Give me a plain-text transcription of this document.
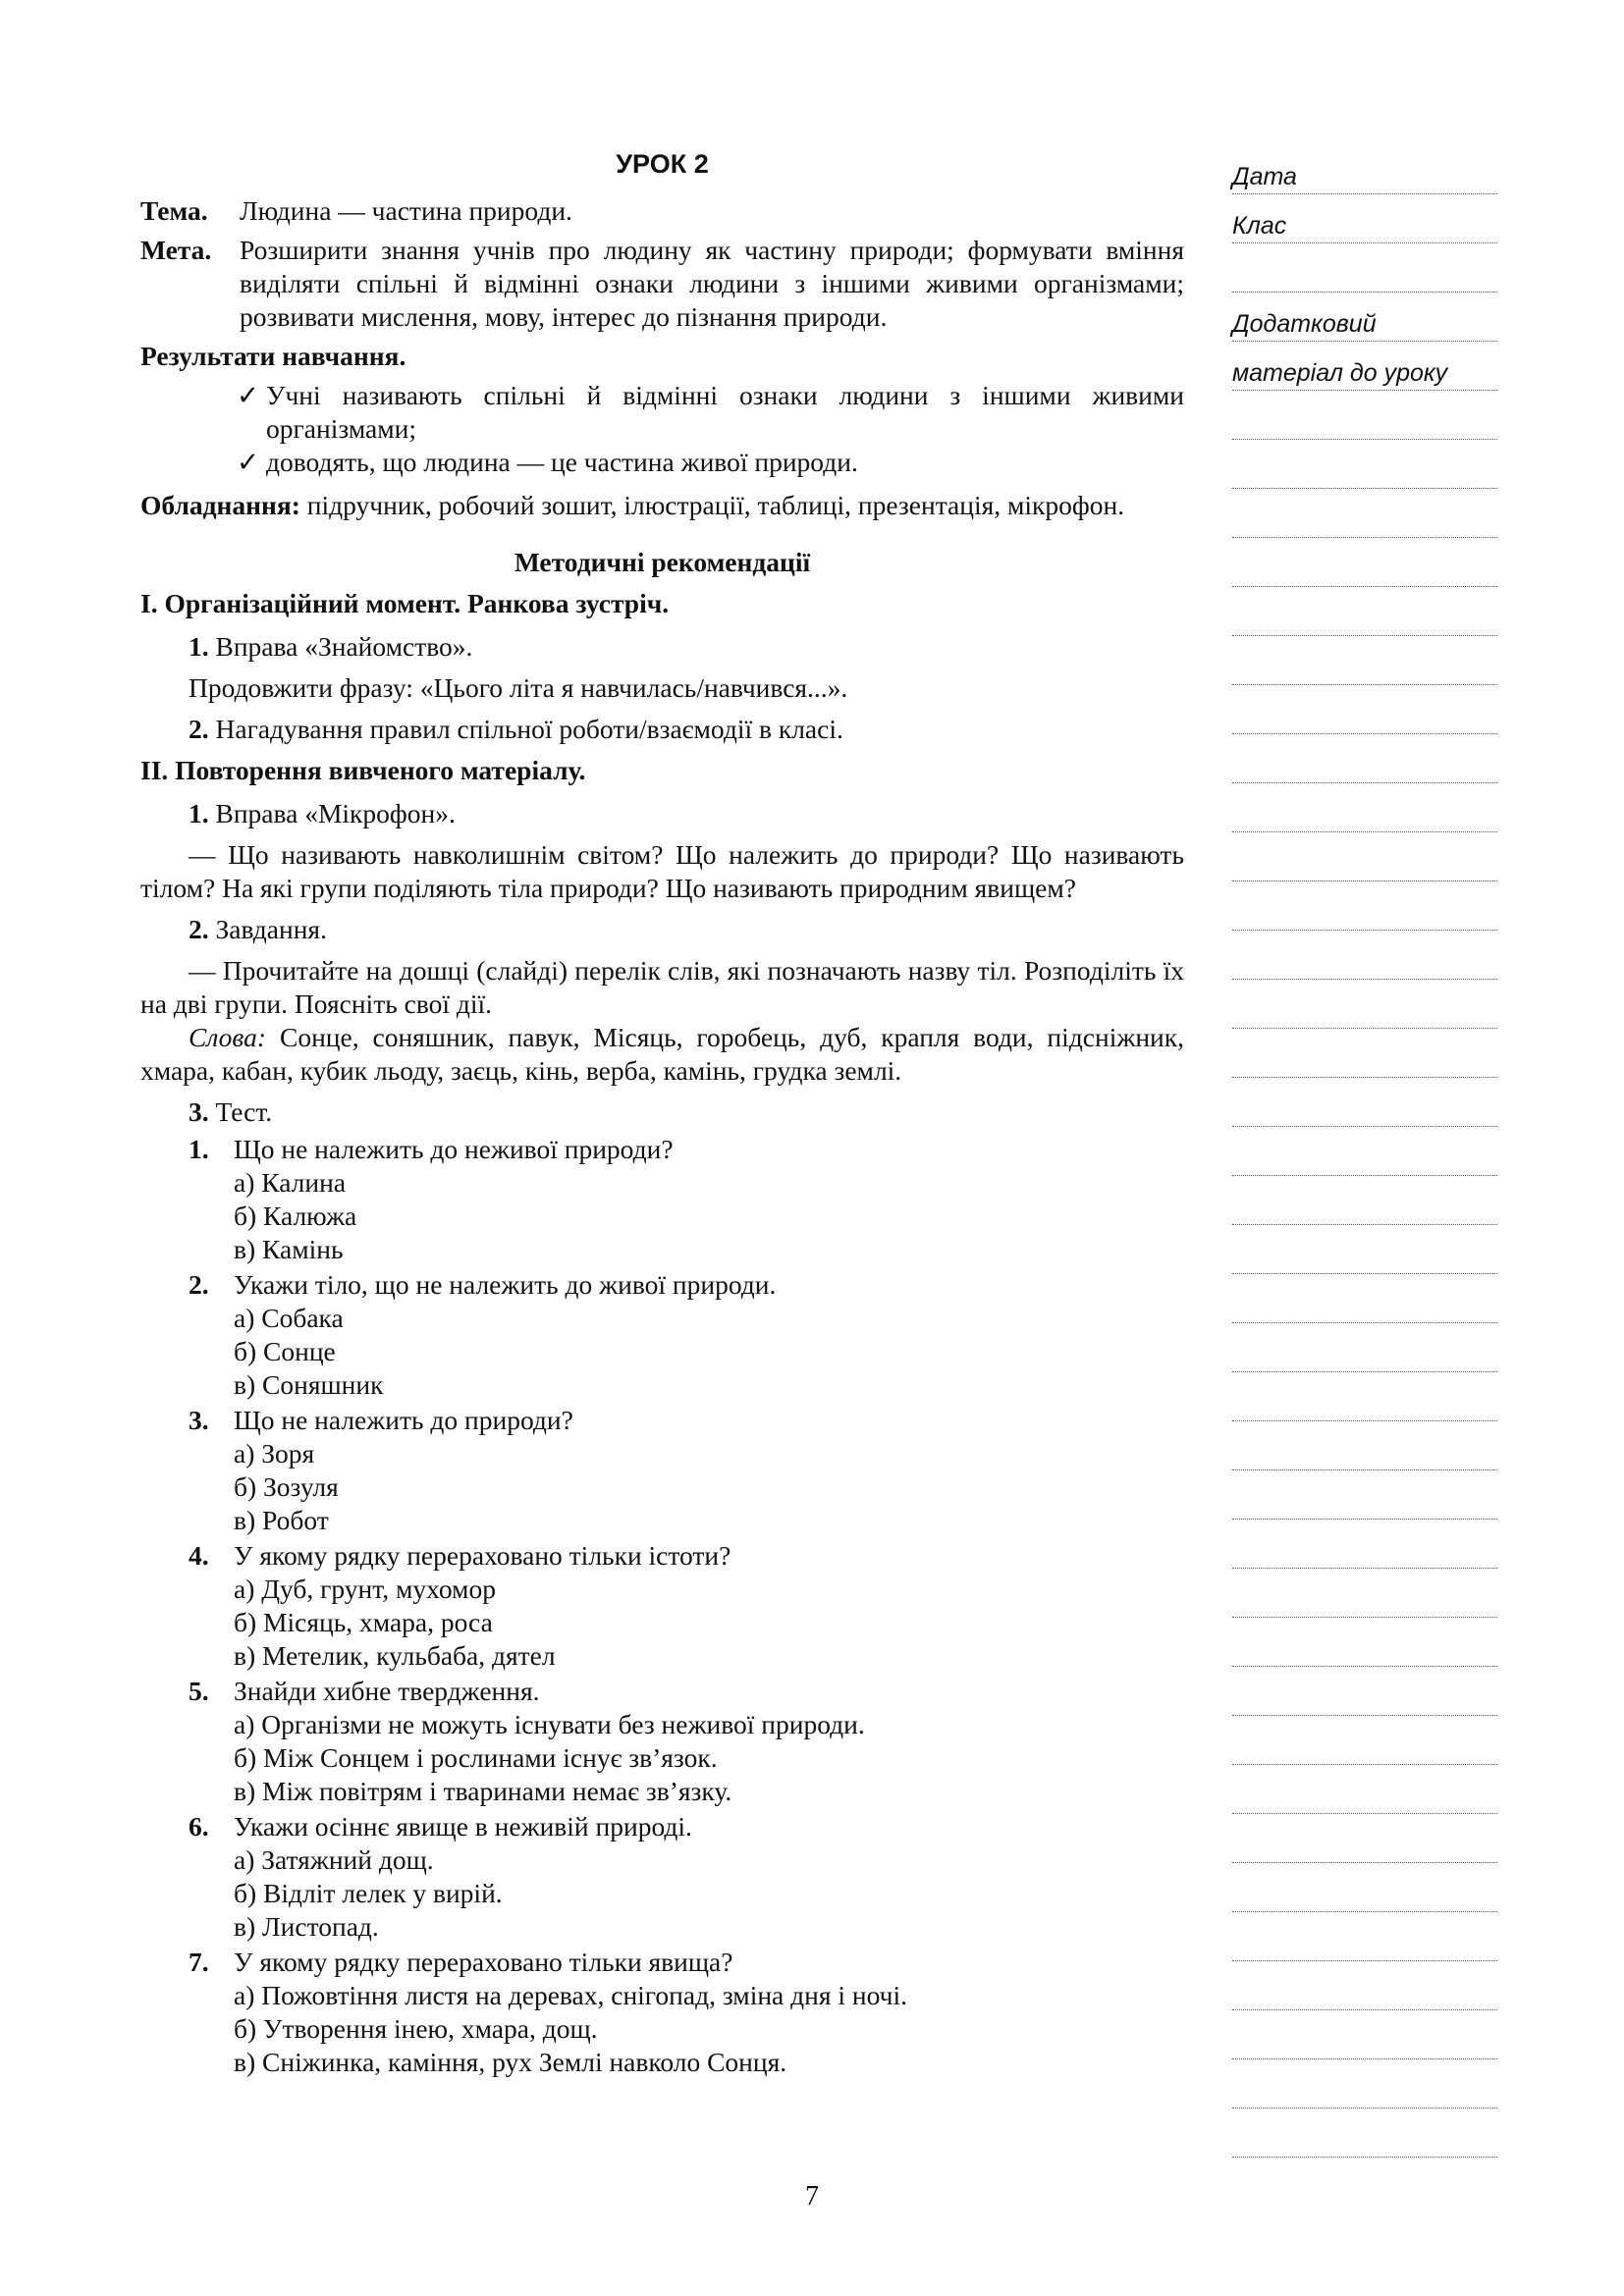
УРОК 2
Тема.	Людина — частина природи.
Мета.	Розширити знання учнів про людину як частину природи; формувати вміння виділяти спільні й відмінні ознаки людини з іншими живими організмами; розвивати мислення, мову, інтерес до пізнання природи.
Результати навчання.
✓ Учні називають спільні й відмінні ознаки людини з іншими живими організмами;
✓ доводять, що людина — це частина живої природи.
Обладнання: підручник, робочий зошит, ілюстрації, таблиці, презентація, мікрофон.
Методичні рекомендації
I. Організаційний момент. Ранкова зустріч.
1. Вправа «Знайомство».
Продовжити фразу: «Цього літа я навчилась/навчився...».
2. Нагадування правил спільної роботи/взаємодії в класі.
II. Повторення вивченого матеріалу.
1. Вправа «Мікрофон».
— Що називають навколишнім світом? Що належить до природи? Що називають тілом? На які групи поділяють тіла природи? Що називають природним явищем?
2. Завдання.
— Прочитайте на дошці (слайді) перелік слів, які позначають назву тіл. Розподіліть їх на дві групи. Поясніть свої дії.
Слова: Сонце, соняшник, павук, Місяць, горобець, дуб, крапля води, підсніжник, хмара, кабан, кубик льоду, заєць, кінь, верба, камінь, грудка землі.
3. Тест.
1. Що не належить до неживої природи?
а) Калина
б) Калюжа
в) Камінь
2. Укажи тіло, що не належить до живої природи.
а) Собака
б) Сонце
в) Соняшник
3. Що не належить до природи?
а) Зоря
б) Зозуля
в) Робот
4. У якому рядку перераховано тільки істоти?
а) Дуб, грунт, мухомор
б) Місяць, хмара, роса
в) Метелик, кульбаба, дятел
5. Знайди хибне твердження.
а) Організми не можуть існувати без неживої природи.
б) Між Сонцем і рослинами існує зв’язок.
в) Між повітрям і тваринами немає зв’язку.
6. Укажи осіннє явище в неживій природі.
а) Затяжний дощ.
б) Відліт лелек у вирій.
в) Листопад.
7. У якому рядку перераховано тільки явища?
а) Пожовтіння листя на деревах, снігопад, зміна дня і ночі.
б) Утворення інею, хмара, дощ.
в) Сніжинка, каміння, рух Землі навколо Сонця.
Дата
Клас
Додатковий
матеріал до уроку
7
